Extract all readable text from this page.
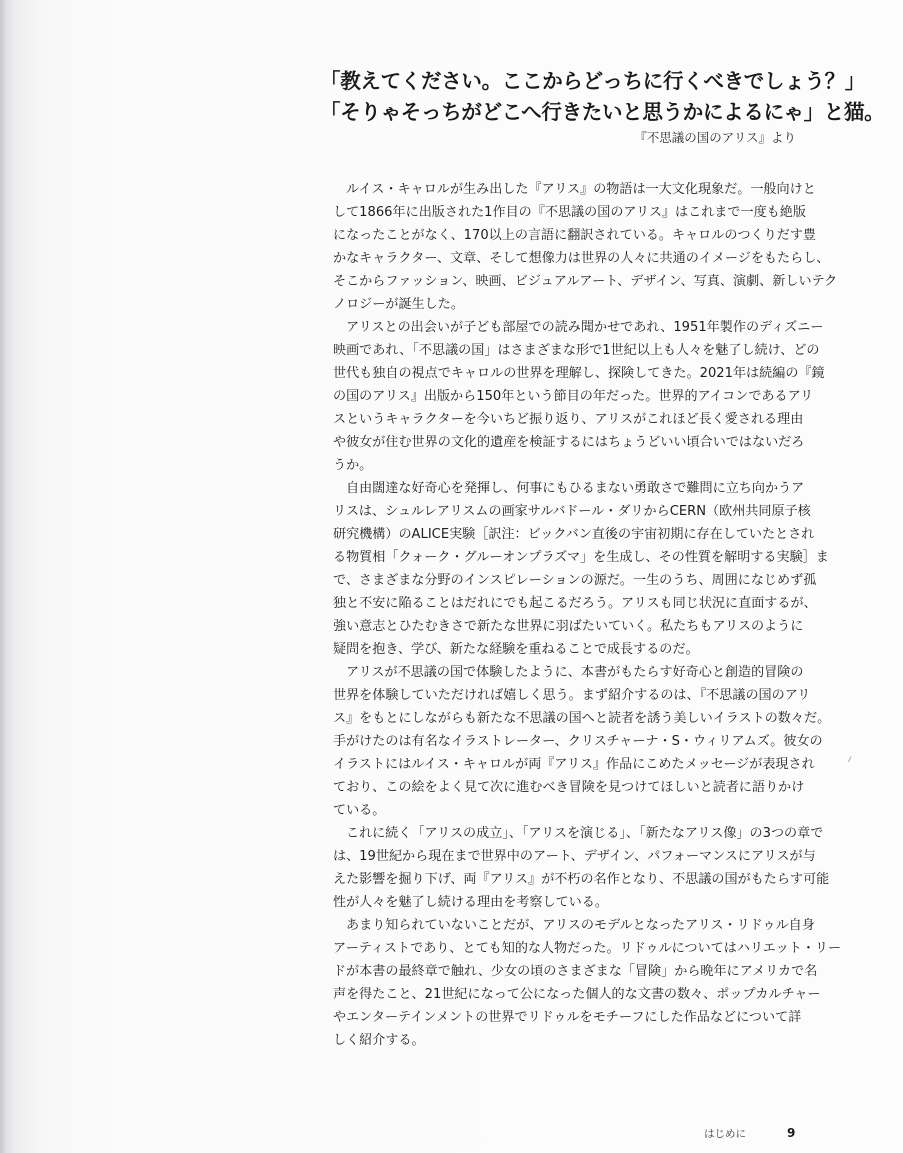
「教えてください。ここからどっちに行くべきでしょう？」
「そりゃそっちがどこへ行きたいと思うかによるにゃ」と猫。
『不思議の国のアリス』より
ルイス・キャロルが生み出した『アリス』の物語は一大文化現象だ。一般向けと
して1866年に出版された1作目の『不思議の国のアリス』はこれまで一度も絶版
になったことがなく、170以上の言語に翻訳されている。キャロルのつくりだす豊
かなキャラクター、文章、そして想像力は世界の人々に共通のイメージをもたらし、
そこからファッション、映画、ビジュアルアート、デザイン、写真、演劇、新しいテク
ノロジーが誕生した。
アリスとの出会いが子ども部屋での読み聞かせであれ、1951年製作のディズニー
映画であれ、「不思議の国」はさまざまな形で1世紀以上も人々を魅了し続け、どの
世代も独自の視点でキャロルの世界を理解し、探険してきた。2021年は続編の『鏡
の国のアリス』出版から150年という節目の年だった。世界的アイコンであるアリ
スというキャラクターを今いちど振り返り、アリスがこれほど長く愛される理由
や彼女が住む世界の文化的遺産を検証するにはちょうどいい頃合いではないだろ
うか。
自由闊達な好奇心を発揮し、何事にもひるまない勇敢さで難問に立ち向かうア
リスは、シュルレアリスムの画家サルバドール・ダリからCERN（欧州共同原子核
研究機構）のALICE実験［訳注：ビックバン直後の宇宙初期に存在していたとされ
る物質相「クォーク・グルーオンプラズマ」を生成し、その性質を解明する実験］ま
で、さまざまな分野のインスピレーションの源だ。一生のうち、周囲になじめず孤
独と不安に陥ることはだれにでも起こるだろう。アリスも同じ状況に直面するが、
強い意志とひたむきさで新たな世界に羽ばたいていく。私たちもアリスのように
疑問を抱き、学び、新たな経験を重ねることで成長するのだ。
アリスが不思議の国で体験したように、本書がもたらす好奇心と創造的冒険の
世界を体験していただければ嬉しく思う。まず紹介するのは、『不思議の国のアリ
ス』をもとにしながらも新たな不思議の国へと読者を誘う美しいイラストの数々だ。
手がけたのは有名なイラストレーター、クリスチャーナ・S・ウィリアムズ。彼女の
イラストにはルイス・キャロルが両『アリス』作品にこめたメッセージが表現され
ており、この絵をよく見て次に進むべき冒険を見つけてほしいと読者に語りかけ
ている。
これに続く「アリスの成立」、「アリスを演じる」、「新たなアリス像」の3つの章で
は、19世紀から現在まで世界中のアート、デザイン、パフォーマンスにアリスが与
えた影響を掘り下げ、両『アリス』が不朽の名作となり、不思議の国がもたらす可能
性が人々を魅了し続ける理由を考察している。
あまり知られていないことだが、アリスのモデルとなったアリス・リドゥル自身
アーティストであり、とても知的な人物だった。リドゥルについてはハリエット・リー
ドが本書の最終章で触れ、少女の頃のさまざまな「冒険」から晩年にアメリカで名
声を得たこと、21世紀になって公になった個人的な文書の数々、ポップカルチャー
やエンターテインメントの世界でリドゥルをモチーフにした作品などについて詳
しく紹介する。
はじめに	9
